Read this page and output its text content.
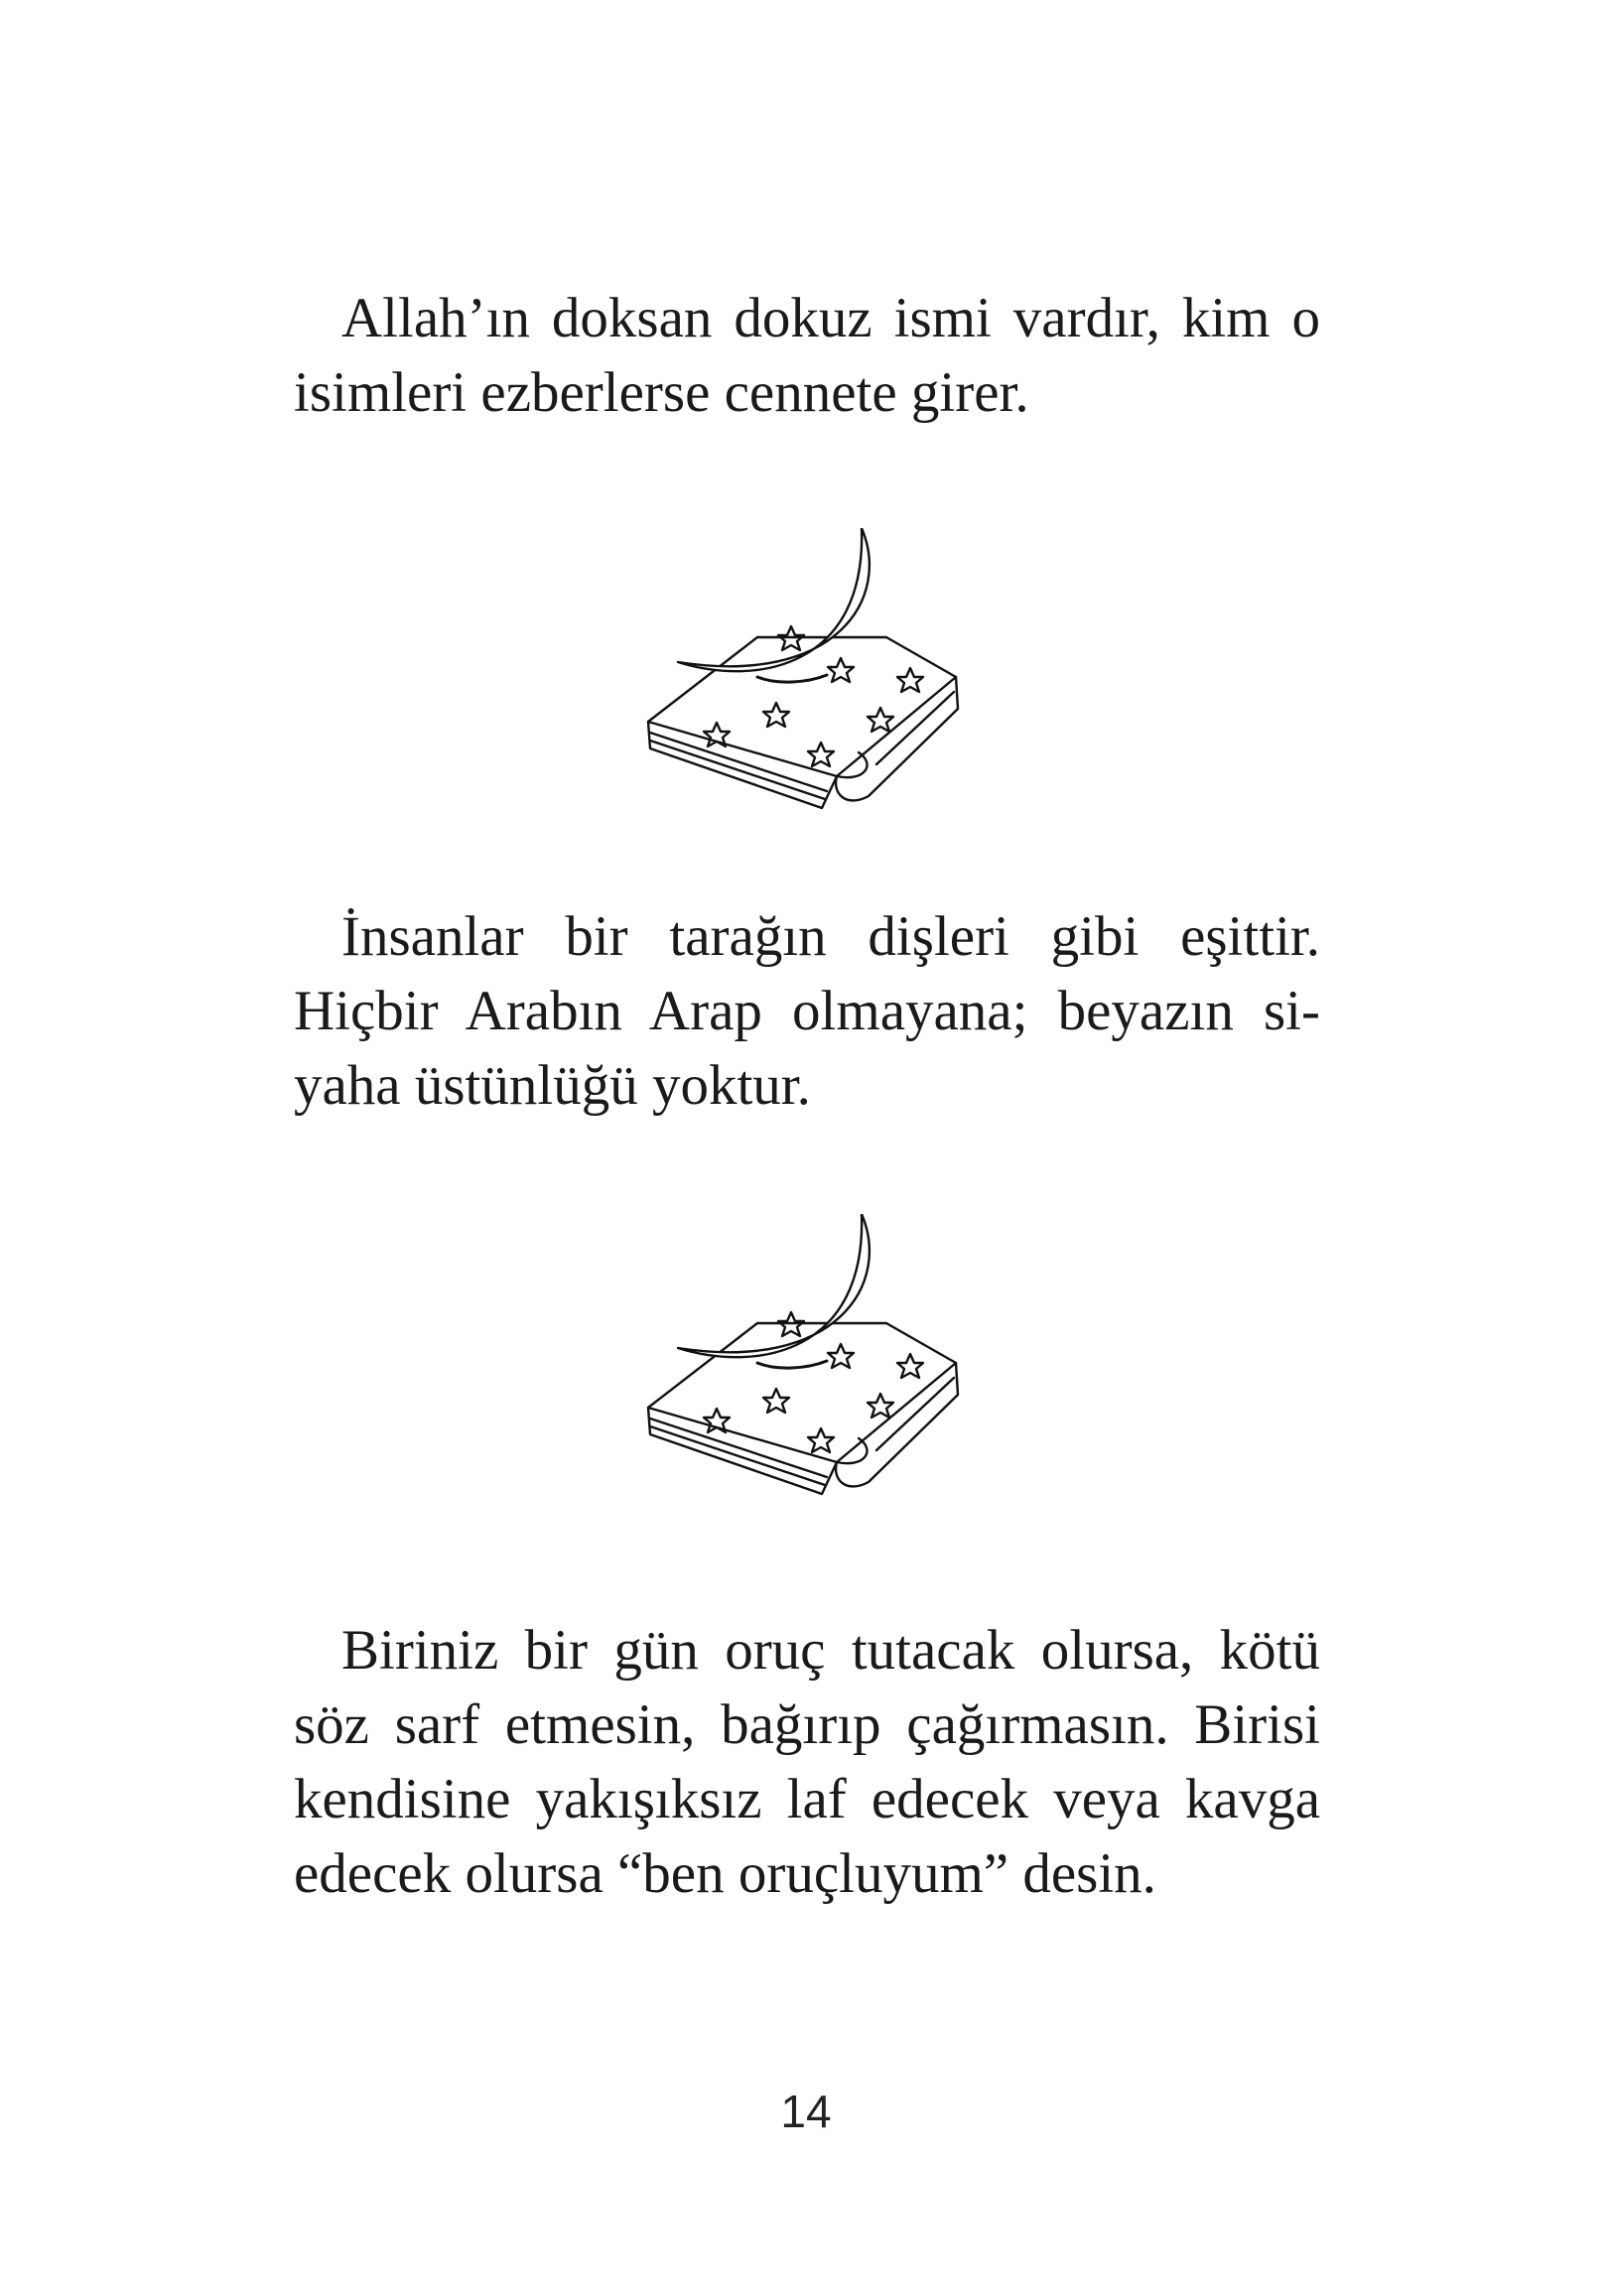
Allah’ın doksan dokuz ismi vardır, kim o
isimleri ezberlerse cennete girer.

İnsanlar bir tarağın dişleri gibi eşittir.
Hiçbir Arabın Arap olmayana; beyazın si-
yaha üstünlüğü yoktur.

Biriniz bir gün oruç tutacak olursa, kötü
söz sarf etmesin, bağırıp çağırmasın. Birisi
kendisine yakışıksız laf edecek veya kavga
edecek olursa “ben oruçluyum” desin.

14
